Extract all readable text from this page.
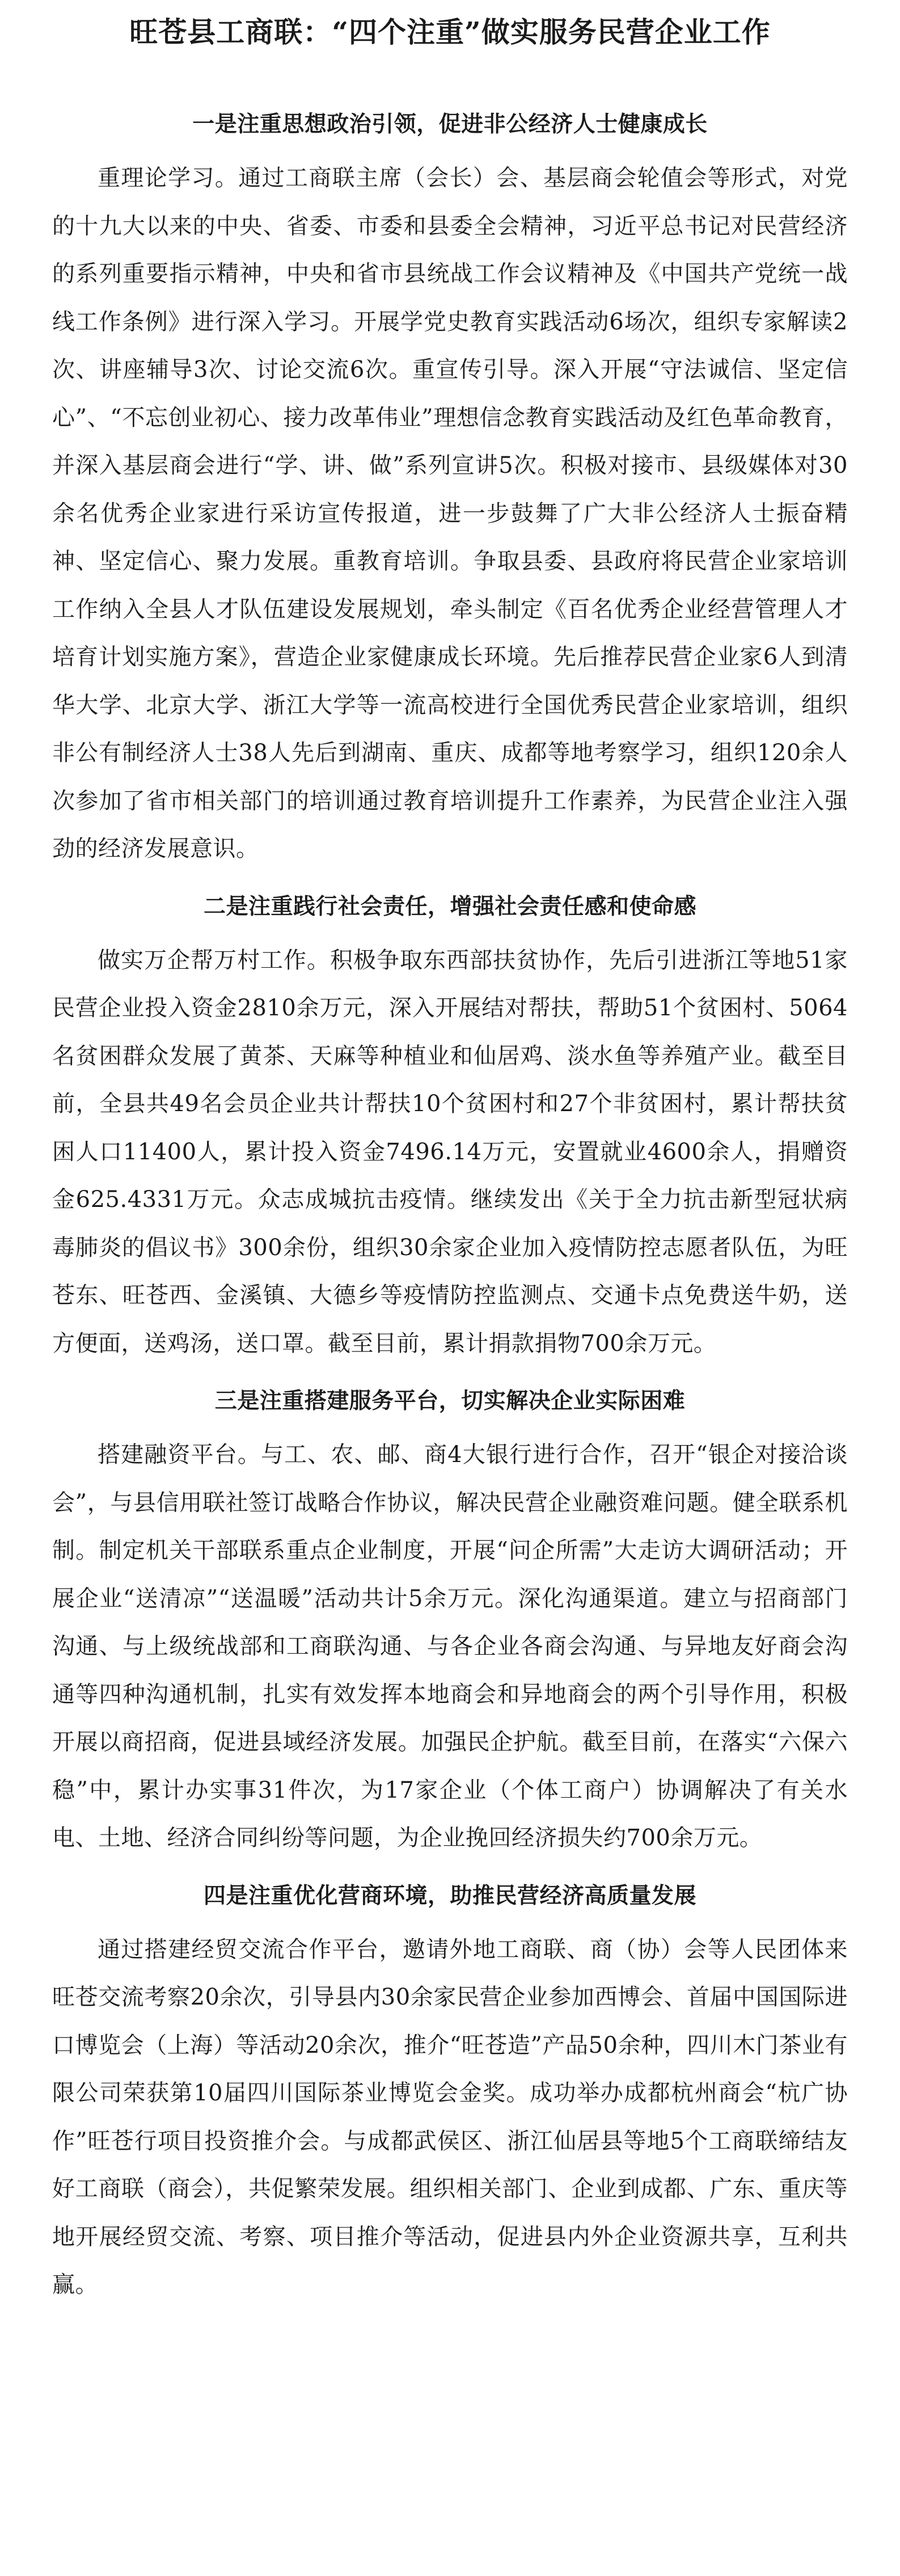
旺苍县工商联：“四个注重”做实服务民营企业工作
一是注重思想政治引领，促进非公经济人士健康成长

重理论学习。通过工商联主席（会长）会、基层商会轮值会等形式，对党的十九大以来的中央、省委、市委和县委全会精神，习近平总书记对民营经济的系列重要指示精神，中央和省市县统战工作会议精神及《中国共产党统一战线工作条例》进行深入学习。开展学党史教育实践活动6场次，组织专家解读2次、讲座辅导3次、讨论交流6次。重宣传引导。深入开展“守法诚信、坚定信心”、“不忘创业初心、接力改革伟业”理想信念教育实践活动及红色革命教育，并深入基层商会进行“学、讲、做”系列宣讲5次。积极对接市、县级媒体对30余名优秀企业家进行采访宣传报道，进一步鼓舞了广大非公经济人士振奋精神、坚定信心、聚力发展。重教育培训。争取县委、县政府将民营企业家培训工作纳入全县人才队伍建设发展规划，牵头制定《百名优秀企业经营管理人才培育计划实施方案》，营造企业家健康成长环境。先后推荐民营企业家6人到清华大学、北京大学、浙江大学等一流高校进行全国优秀民营企业家培训，组织非公有制经济人士38人先后到湖南、重庆、成都等地考察学习，组织120余人次参加了省市相关部门的培训通过教育培训提升工作素养，为民营企业注入强劲的经济发展意识。

二是注重践行社会责任，增强社会责任感和使命感

做实万企帮万村工作。积极争取东西部扶贫协作，先后引进浙江等地51家民营企业投入资金2810余万元，深入开展结对帮扶，帮助51个贫困村、5064名贫困群众发展了黄茶、天麻等种植业和仙居鸡、淡水鱼等养殖产业。截至目前，全县共49名会员企业共计帮扶10个贫困村和27个非贫困村，累计帮扶贫困人口11400人，累计投入资金7496.14万元，安置就业4600余人，捐赠资金625.4331万元。众志成城抗击疫情。继续发出《关于全力抗击新型冠状病毒肺炎的倡议书》300余份，组织30余家企业加入疫情防控志愿者队伍，为旺苍东、旺苍西、金溪镇、大德乡等疫情防控监测点、交通卡点免费送牛奶，送方便面，送鸡汤，送口罩。截至目前，累计捐款捐物700余万元。

三是注重搭建服务平台，切实解决企业实际困难

搭建融资平台。与工、农、邮、商4大银行进行合作，召开“银企对接洽谈会”，与县信用联社签订战略合作协议，解决民营企业融资难问题。健全联系机制。制定机关干部联系重点企业制度，开展“问企所需”大走访大调研活动；开展企业“送清凉”“送温暖”活动共计5余万元。深化沟通渠道。建立与招商部门沟通、与上级统战部和工商联沟通、与各企业各商会沟通、与异地友好商会沟通等四种沟通机制，扎实有效发挥本地商会和异地商会的两个引导作用，积极开展以商招商，促进县域经济发展。加强民企护航。截至目前，在落实“六保六稳”中，累计办实事31件次，为17家企业（个体工商户）协调解决了有关水电、土地、经济合同纠纷等问题，为企业挽回经济损失约700余万元。

四是注重优化营商环境，助推民营经济高质量发展

通过搭建经贸交流合作平台，邀请外地工商联、商（协）会等人民团体来旺苍交流考察20余次，引导县内30余家民营企业参加西博会、首届中国国际进口博览会（上海）等活动20余次，推介“旺苍造”产品50余种，四川木门茶业有限公司荣获第10届四川国际茶业博览会金奖。成功举办成都杭州商会“杭广协作”旺苍行项目投资推介会。与成都武侯区、浙江仙居县等地5个工商联缔结友好工商联（商会），共促繁荣发展。组织相关部门、企业到成都、广东、重庆等地开展经贸交流、考察、项目推介等活动，促进县内外企业资源共享，互利共赢。
